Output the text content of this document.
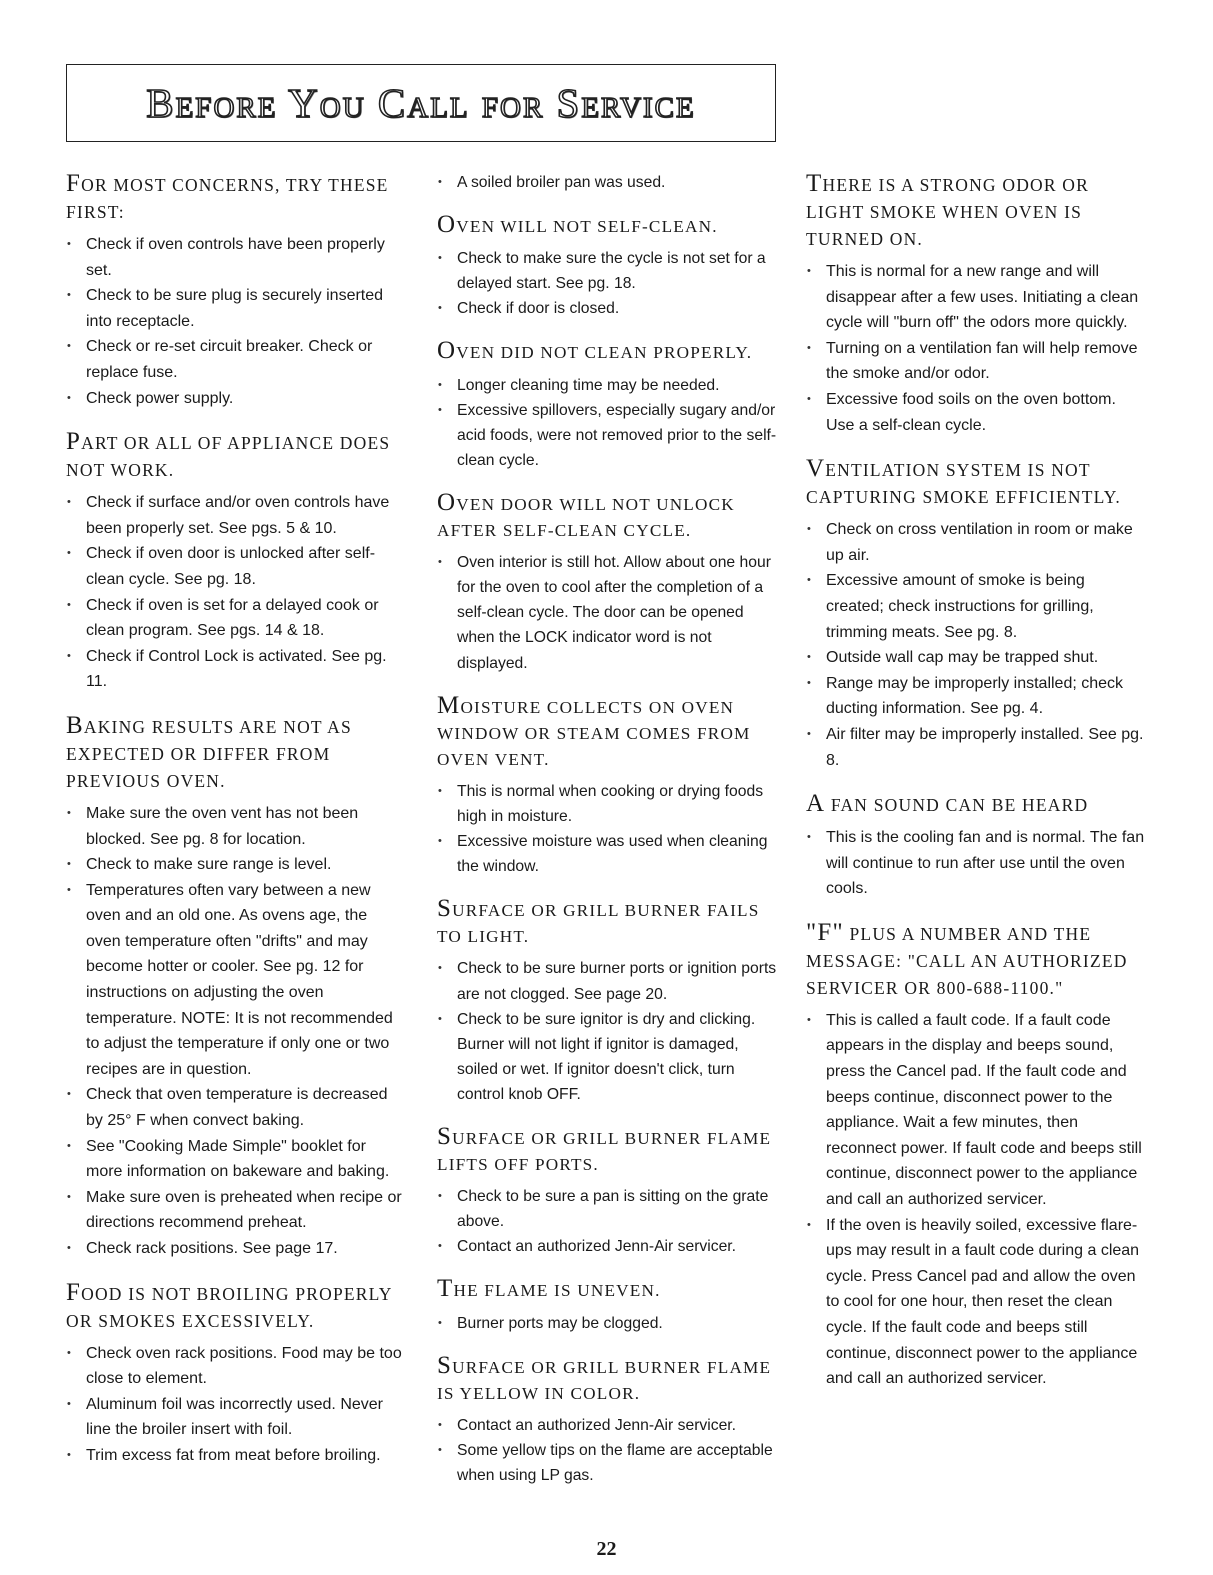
Before You Call for Service
FOR MOST CONCERNS, TRY THESE FIRST:
• Check if oven controls have been properly set.
• Check to be sure plug is securely inserted into receptacle.
• Check or re-set circuit breaker. Check or replace fuse.
• Check power supply.
PART OR ALL OF APPLIANCE DOES NOT WORK.
• Check if surface and/or oven controls have been properly set. See pgs. 5 & 10.
• Check if oven door is unlocked after self-clean cycle. See pg. 18.
• Check if oven is set for a delayed cook or clean program. See pgs. 14 & 18.
• Check if Control Lock is activated. See pg. 11.
BAKING RESULTS ARE NOT AS EXPECTED OR DIFFER FROM PREVIOUS OVEN.
• Make sure the oven vent has not been blocked. See pg. 8 for location.
• Check to make sure range is level.
• Temperatures often vary between a new oven and an old one. As ovens age, the oven temperature often "drifts" and may become hotter or cooler. See pg. 12 for instructions on adjusting the oven temperature. NOTE: It is not recommended to adjust the temperature if only one or two recipes are in question.
• Check that oven temperature is decreased by 25° F when convect baking.
• See "Cooking Made Simple" booklet for more information on bakeware and baking.
• Make sure oven is preheated when recipe or directions recommend preheat.
• Check rack positions. See page 17.
FOOD IS NOT BROILING PROPERLY OR SMOKES EXCESSIVELY.
• Check oven rack positions. Food may be too close to element.
• Aluminum foil was incorrectly used. Never line the broiler insert with foil.
• Trim excess fat from meat before broiling.
• A soiled broiler pan was used.
OVEN WILL NOT SELF-CLEAN.
• Check to make sure the cycle is not set for a delayed start. See pg. 18.
• Check if door is closed.
OVEN DID NOT CLEAN PROPERLY.
• Longer cleaning time may be needed.
• Excessive spillovers, especially sugary and/or acid foods, were not removed prior to the self-clean cycle.
OVEN DOOR WILL NOT UNLOCK AFTER SELF-CLEAN CYCLE.
• Oven interior is still hot. Allow about one hour for the oven to cool after the completion of a self-clean cycle. The door can be opened when the LOCK indicator word is not displayed.
MOISTURE COLLECTS ON OVEN WINDOW OR STEAM COMES FROM OVEN VENT.
• This is normal when cooking or drying foods high in moisture.
• Excessive moisture was used when cleaning the window.
SURFACE OR GRILL BURNER FAILS TO LIGHT.
• Check to be sure burner ports or ignition ports are not clogged. See page 20.
• Check to be sure ignitor is dry and clicking. Burner will not light if ignitor is damaged, soiled or wet. If ignitor doesn't click, turn control knob OFF.
SURFACE OR GRILL BURNER FLAME LIFTS OFF PORTS.
• Check to be sure a pan is sitting on the grate above.
• Contact an authorized Jenn-Air servicer.
THE FLAME IS UNEVEN.
• Burner ports may be clogged.
SURFACE OR GRILL BURNER FLAME IS YELLOW IN COLOR.
• Contact an authorized Jenn-Air servicer.
• Some yellow tips on the flame are acceptable when using LP gas.
THERE IS A STRONG ODOR OR LIGHT SMOKE WHEN OVEN IS TURNED ON.
• This is normal for a new range and will disappear after a few uses. Initiating a clean cycle will "burn off" the odors more quickly.
• Turning on a ventilation fan will help remove the smoke and/or odor.
• Excessive food soils on the oven bottom. Use a self-clean cycle.
VENTILATION SYSTEM IS NOT CAPTURING SMOKE EFFICIENTLY.
• Check on cross ventilation in room or make up air.
• Excessive amount of smoke is being created; check instructions for grilling, trimming meats. See pg. 8.
• Outside wall cap may be trapped shut.
• Range may be improperly installed; check ducting information. See pg. 4.
• Air filter may be improperly installed. See pg. 8.
A FAN SOUND CAN BE HEARD
• This is the cooling fan and is normal. The fan will continue to run after use until the oven cools.
"F" PLUS A NUMBER AND THE MESSAGE: "CALL AN AUTHORIZED SERVICER OR 800-688-1100."
• This is called a fault code. If a fault code appears in the display and beeps sound, press the Cancel pad. If the fault code and beeps continue, disconnect power to the appliance. Wait a few minutes, then reconnect power. If fault code and beeps still continue, disconnect power to the appliance and call an authorized servicer.
• If the oven is heavily soiled, excessive flare-ups may result in a fault code during a clean cycle. Press Cancel pad and allow the oven to cool for one hour, then reset the clean cycle. If the fault code and beeps still continue, disconnect power to the appliance and call an authorized servicer.
22
